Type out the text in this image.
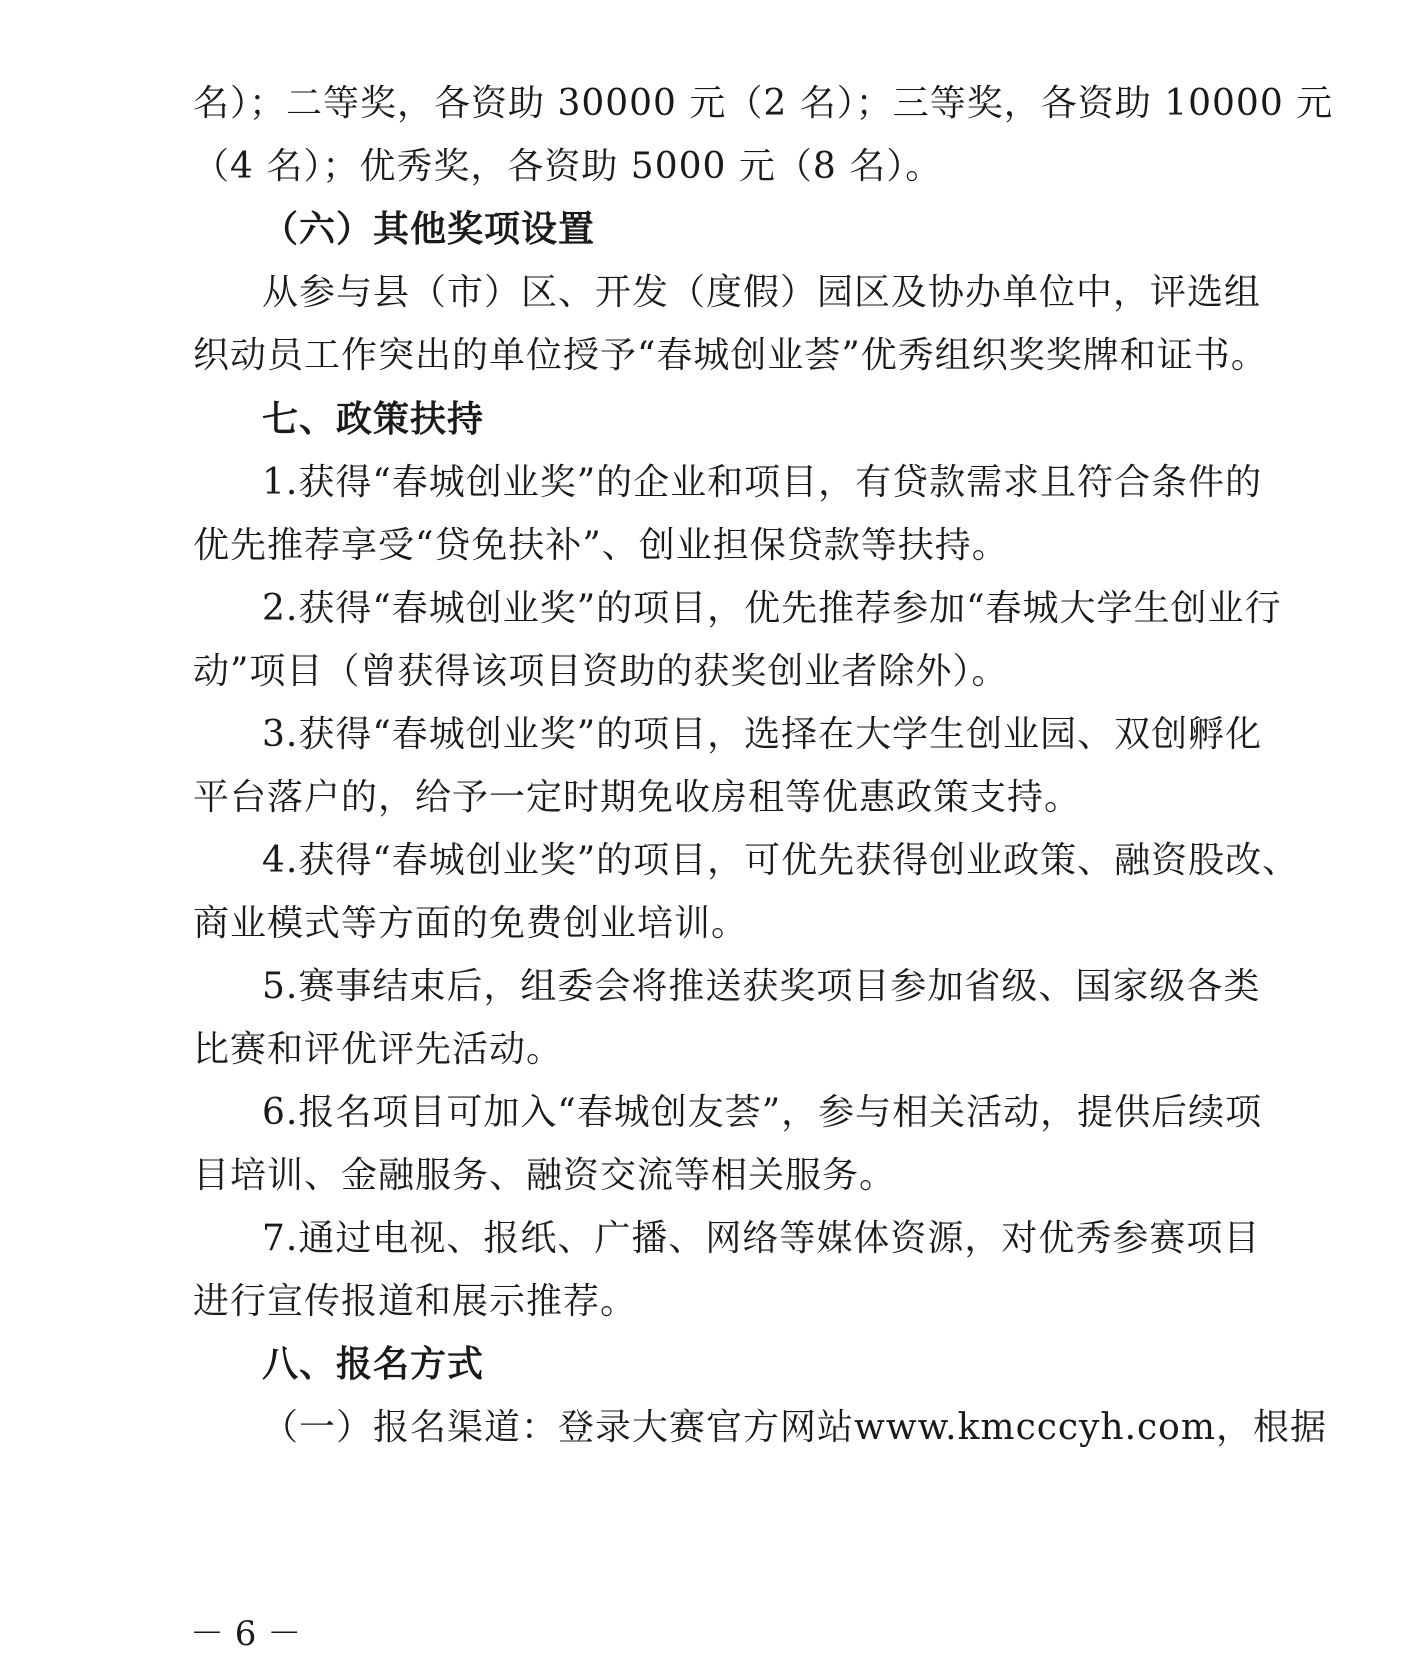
名）；二等奖，各资助 30000 元（2 名）；三等奖，各资助 10000 元
（4 名）；优秀奖，各资助 5000 元（8 名）。
（六）其他奖项设置
从参与县（市）区、开发（度假）园区及协办单位中，评选组
织动员工作突出的单位授予“春城创业荟”优秀组织奖奖牌和证书。
七、政策扶持
1.获得“春城创业奖”的企业和项目，有贷款需求且符合条件的
优先推荐享受“贷免扶补”、创业担保贷款等扶持。
2.获得“春城创业奖”的项目，优先推荐参加“春城大学生创业行
动”项目（曾获得该项目资助的获奖创业者除外）。
3.获得“春城创业奖”的项目，选择在大学生创业园、双创孵化
平台落户的，给予一定时期免收房租等优惠政策支持。
4.获得“春城创业奖”的项目，可优先获得创业政策、融资股改、
商业模式等方面的免费创业培训。
5.赛事结束后，组委会将推送获奖项目参加省级、国家级各类
比赛和评优评先活动。
6.报名项目可加入“春城创友荟”，参与相关活动，提供后续项
目培训、金融服务、融资交流等相关服务。
7.通过电视、报纸、广播、网络等媒体资源，对优秀参赛项目
进行宣传报道和展示推荐。
八、报名方式
（一）报名渠道：登录大赛官方网站www.kmcccyh.com，根据
－ 6 －
